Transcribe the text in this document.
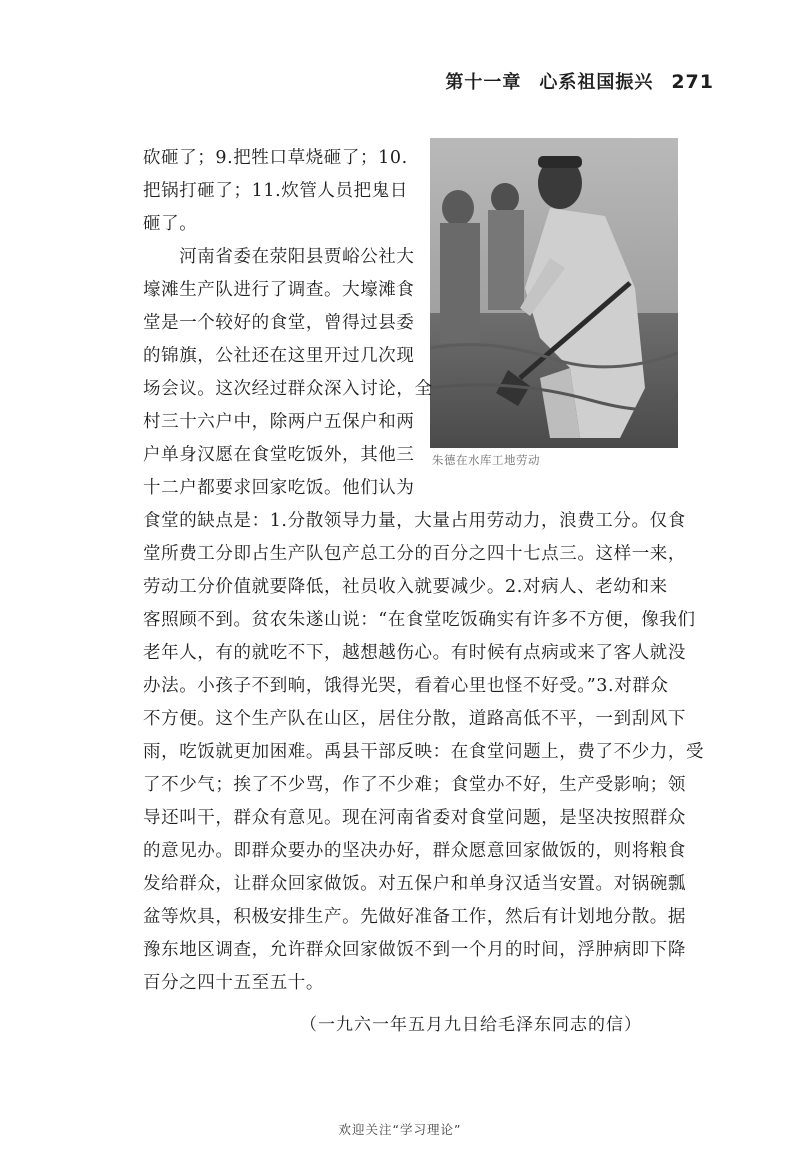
第十一章 心系祖国振兴 271
朱德在水库工地劳动
砍砸了；9.把牲口草烧砸了；10.
把锅打砸了；11.炊管人员把鬼日
砸了。
　　河南省委在荥阳县贾峪公社大
壕滩生产队进行了调查。大壕滩食
堂是一个较好的食堂，曾得过县委
的锦旗，公社还在这里开过几次现
场会议。这次经过群众深入讨论，全
村三十六户中，除两户五保户和两
户单身汉愿在食堂吃饭外，其他三
十二户都要求回家吃饭。他们认为
食堂的缺点是：1.分散领导力量，大量占用劳动力，浪费工分。仅食
堂所费工分即占生产队包产总工分的百分之四十七点三。这样一来，
劳动工分价值就要降低，社员收入就要减少。2.对病人、老幼和来
客照顾不到。贫农朱遂山说：“在食堂吃饭确实有许多不方便，像我们
老年人，有的就吃不下，越想越伤心。有时候有点病或来了客人就没
办法。小孩子不到晌，饿得光哭，看着心里也怪不好受。”3.对群众
不方便。这个生产队在山区，居住分散，道路高低不平，一到刮风下
雨，吃饭就更加困难。禹县干部反映：在食堂问题上，费了不少力，受
了不少气；挨了不少骂，作了不少难；食堂办不好，生产受影响；领
导还叫干，群众有意见。现在河南省委对食堂问题，是坚决按照群众
的意见办。即群众要办的坚决办好，群众愿意回家做饭的，则将粮食
发给群众，让群众回家做饭。对五保户和单身汉适当安置。对锅碗瓢
盆等炊具，积极安排生产。先做好准备工作，然后有计划地分散。据
豫东地区调查，允许群众回家做饭不到一个月的时间，浮肿病即下降
百分之四十五至五十。
（一九六一年五月九日给毛泽东同志的信）
欢迎关注“学习理论”
